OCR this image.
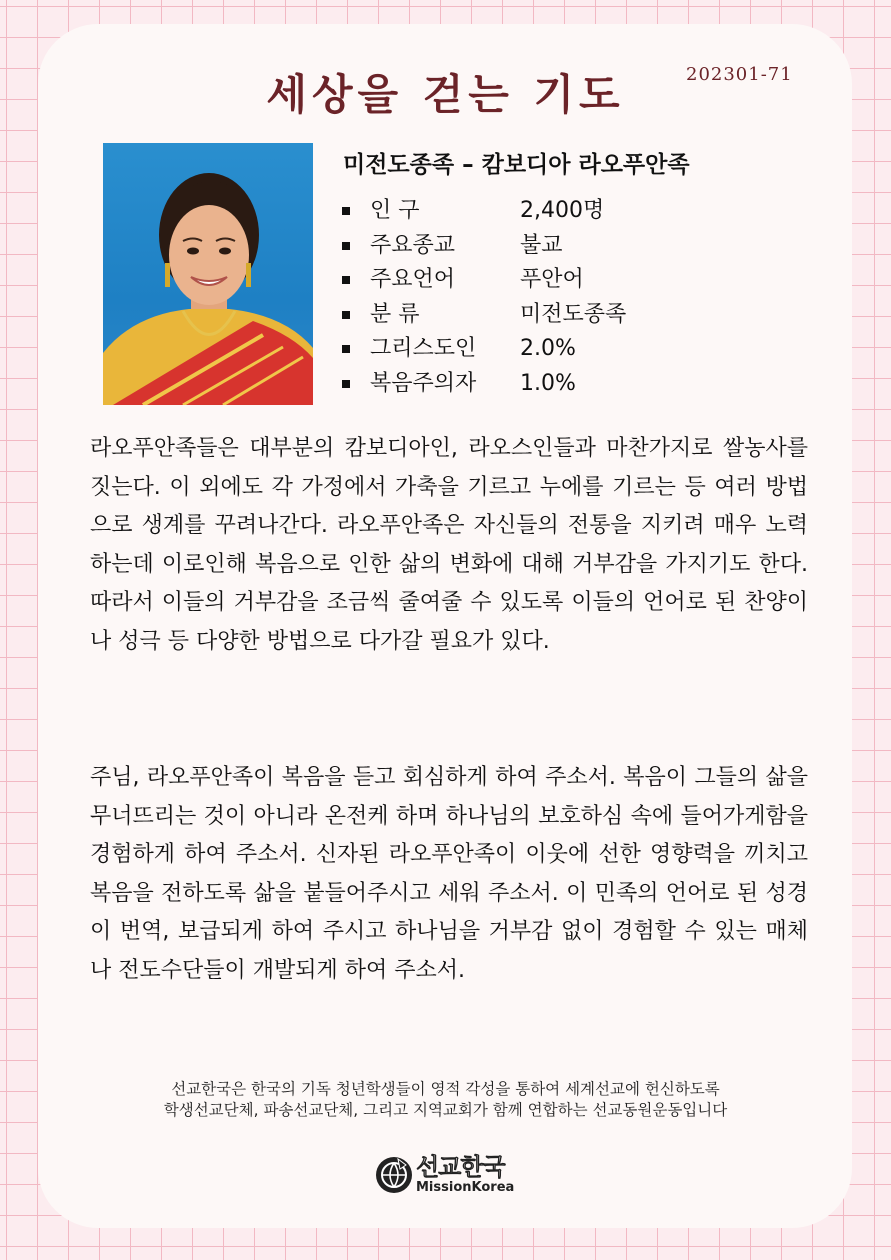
세상을 걷는 기도	202301-71
미전도종족 – 캄보디아 라오푸안족
인 구	2,400명
주요종교	불교
주요언어	푸안어
분 류	미전도종족
그리스도인 2.0%
복음주의자 1.0%

라오푸안족들은 대부분의 캄보디아인, 라오스인들과 마찬가지로 쌀농사를 짓는다. 이 외에도 각 가정에서 가축을 기르고 누에를 기르는 등 여러 방법으로 생계를 꾸려나간다. 라오푸안족은 자신들의 전통을 지키려 매우 노력하는데 이로인해 복음으로 인한 삶의 변화에 대해 거부감을 가지기도 한다. 따라서 이들의 거부감을 조금씩 줄여줄 수 있도록 이들의 언어로 된 찬양이나 성극 등 다양한 방법으로 다가갈 필요가 있다.

주님, 라오푸안족이 복음을 듣고 회심하게 하여 주소서. 복음이 그들의 삶을 무너뜨리는 것이 아니라 온전케 하며 하나님의 보호하심 속에 들어가게함을 경험하게 하여 주소서. 신자된 라오푸안족이 이웃에 선한 영향력을 끼치고 복음을 전하도록 삶을 붙들어주시고 세워 주소서. 이 민족의 언어로 된 성경이 번역, 보급되게 하여 주시고 하나님을 거부감 없이 경험할 수 있는 매체나 전도수단들이 개발되게 하여 주소서.

선교한국은 한국의 기독 청년학생들이 영적 각성을 통하여 세계선교에 헌신하도록
학생선교단체, 파송선교단체, 그리고 지역교회가 함께 연합하는 선교동원운동입니다
선교한국
MissionKorea
